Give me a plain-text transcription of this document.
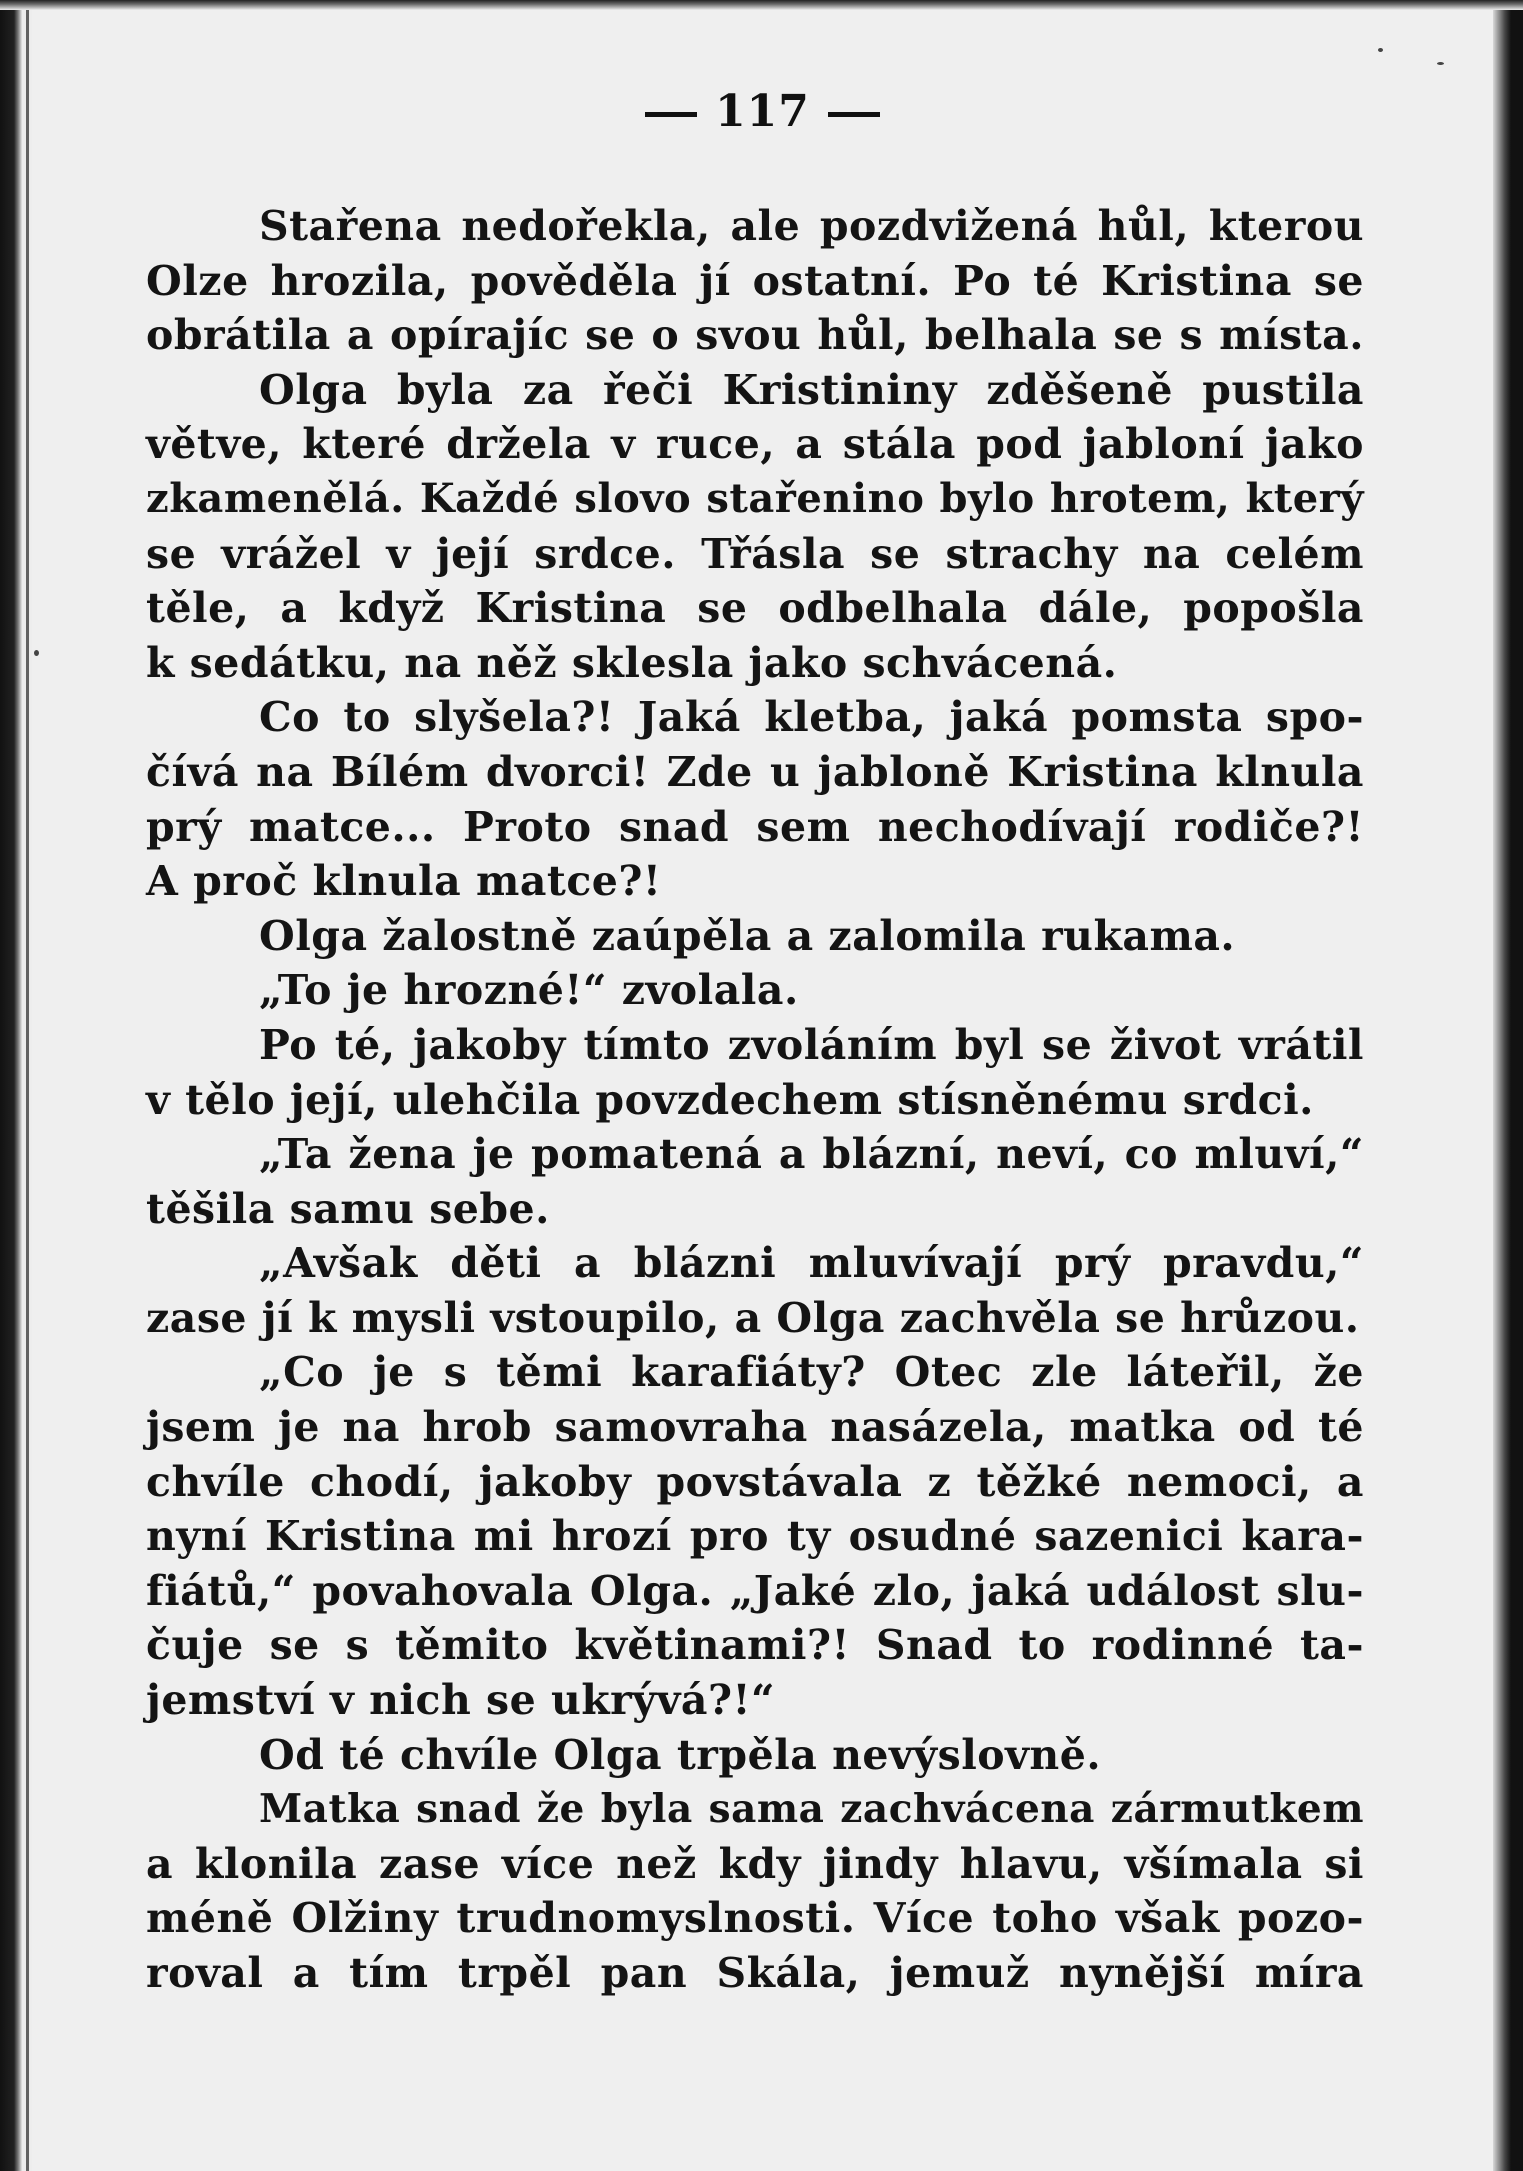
117
Stařena nedořekla, ale pozdvižená hůl, kterou
Olze hrozila, pověděla jí ostatní. Po té Kristina se
obrátila a opírajíc se o svou hůl, belhala se s místa.
Olga byla za řeči Kristininy zděšeně pustila
větve, které držela v ruce, a stála pod jabloní jako
zkamenělá. Každé slovo stařenino bylo hrotem, který
se vrážel v její srdce. Třásla se strachy na celém
těle, a když Kristina se odbelhala dále, popošla
k sedátku, na něž sklesla jako schvácená.
Co to slyšela?! Jaká kletba, jaká pomsta spo-
čívá na Bílém dvorci! Zde u jabloně Kristina klnula
prý matce... Proto snad sem nechodívají rodiče?!
A proč klnula matce?!
Olga žalostně zaúpěla a zalomila rukama.
„To je hrozné!“ zvolala.
Po té, jakoby tímto zvoláním byl se život vrátil
v tělo její, ulehčila povzdechem stísněnému srdci.
„Ta žena je pomatená a blázní, neví, co mluví,“
těšila samu sebe.
„Avšak děti a blázni mluvívají prý pravdu,“
zase jí k mysli vstoupilo, a Olga zachvěla se hrůzou.
„Co je s těmi karafiáty? Otec zle láteřil, že
jsem je na hrob samovraha nasázela, matka od té
chvíle chodí, jakoby povstávala z těžké nemoci, a
nyní Kristina mi hrozí pro ty osudné sazenici kara-
fiátů,“ povahovala Olga. „Jaké zlo, jaká událost slu-
čuje se s těmito květinami?! Snad to rodinné ta-
jemství v nich se ukrývá?!“
Od té chvíle Olga trpěla nevýslovně.
Matka snad že byla sama zachvácena zármutkem
a klonila zase více než kdy jindy hlavu, všímala si
méně Olžiny trudnomyslnosti. Více toho však pozo-
roval a tím trpěl pan Skála, jemuž nynější míra
